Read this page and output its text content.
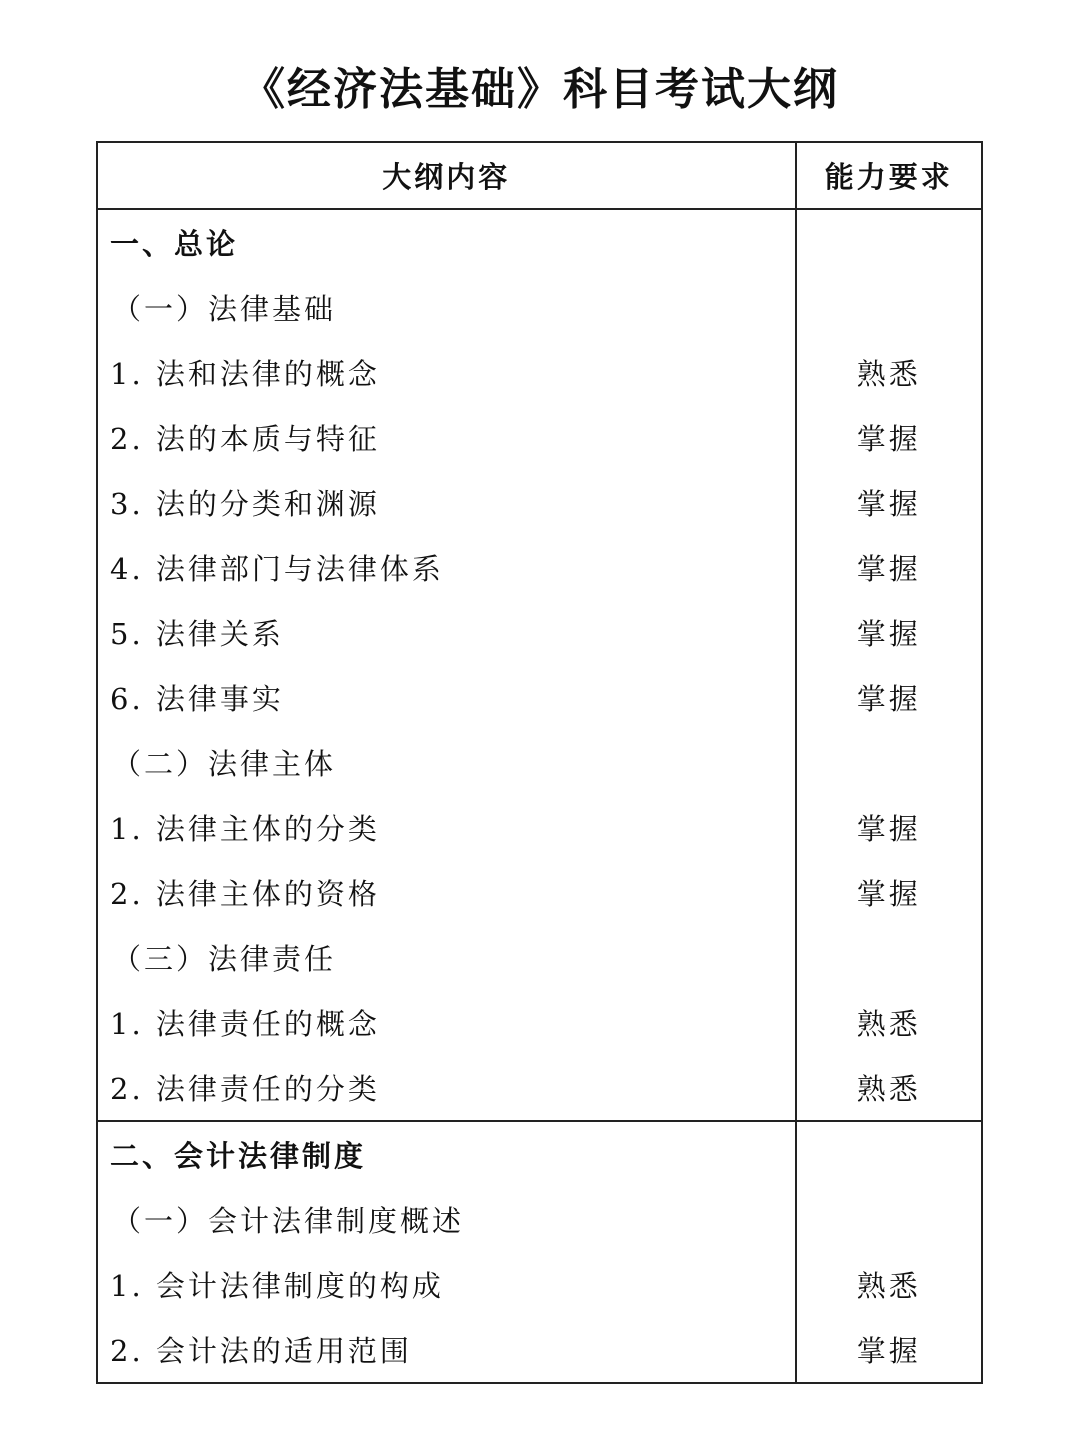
《经济法基础》科目考试大纲
大纲内容	能力要求
一、总论	
（一）法律基础	
1. 法和法律的概念	熟悉
2. 法的本质与特征	掌握
3. 法的分类和渊源	掌握
4. 法律部门与法律体系	掌握
5. 法律关系	掌握
6. 法律事实	掌握
（二）法律主体	
1. 法律主体的分类	掌握
2. 法律主体的资格	掌握
（三）法律责任	
1. 法律责任的概念	熟悉
2. 法律责任的分类	熟悉
二、会计法律制度	
（一）会计法律制度概述	
1. 会计法律制度的构成	熟悉
2. 会计法的适用范围	掌握
